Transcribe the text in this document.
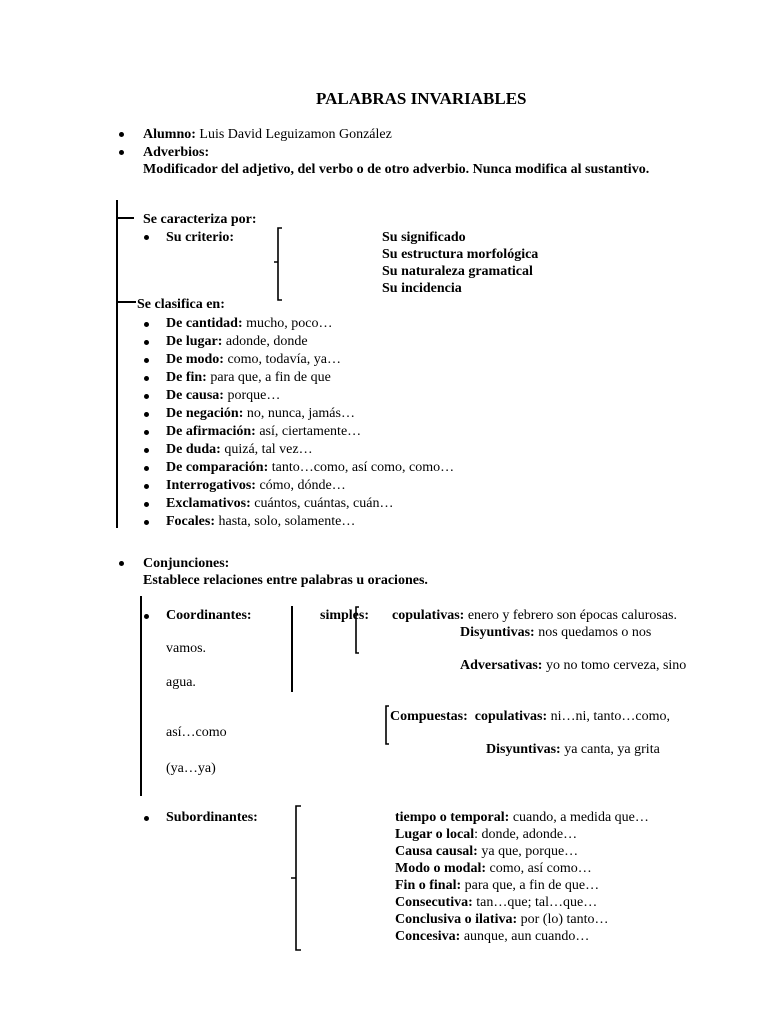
PALABRAS INVARIABLES
Alumno: Luis David Leguizamon González
Adverbios:
Modificador del adjetivo, del verbo o de otro adverbio. Nunca modifica al sustantivo.
Se caracteriza por:
Su criterio:	Su significado
Su estructura morfológica
Su naturaleza gramatical
Su incidencia
Se clasifica en:
De cantidad: mucho, poco…
De lugar: adonde, donde
De modo: como, todavía, ya…
De fin: para que, a fin de que
De causa: porque…
De negación: no, nunca, jamás…
De afirmación: así, ciertamente…
De duda: quizá, tal vez…
De comparación: tanto…como, así como, como…
Interrogativos: cómo, dónde…
Exclamativos: cuántos, cuántas, cuán…
Focales: hasta, solo, solamente…
Conjunciones:
Establece relaciones entre palabras u oraciones.
Coordinantes:	simples: copulativas: enero y febrero son épocas calurosas.
Disyuntivas: nos quedamos o nos
vamos.
Adversativas: yo no tomo cerveza, sino
agua.
Compuestas: copulativas: ni…ni, tanto…como,
así…como
Disyuntivas: ya canta, ya grita
(ya…ya)
Subordinantes:	tiempo o temporal: cuando, a medida que…
Lugar o local: donde, adonde…
Causa causal: ya que, porque…
Modo o modal: como, así como…
Fin o final: para que, a fin de que…
Consecutiva: tan…que; tal…que…
Conclusiva o ilativa: por (lo) tanto…
Concesiva: aunque, aun cuando…
